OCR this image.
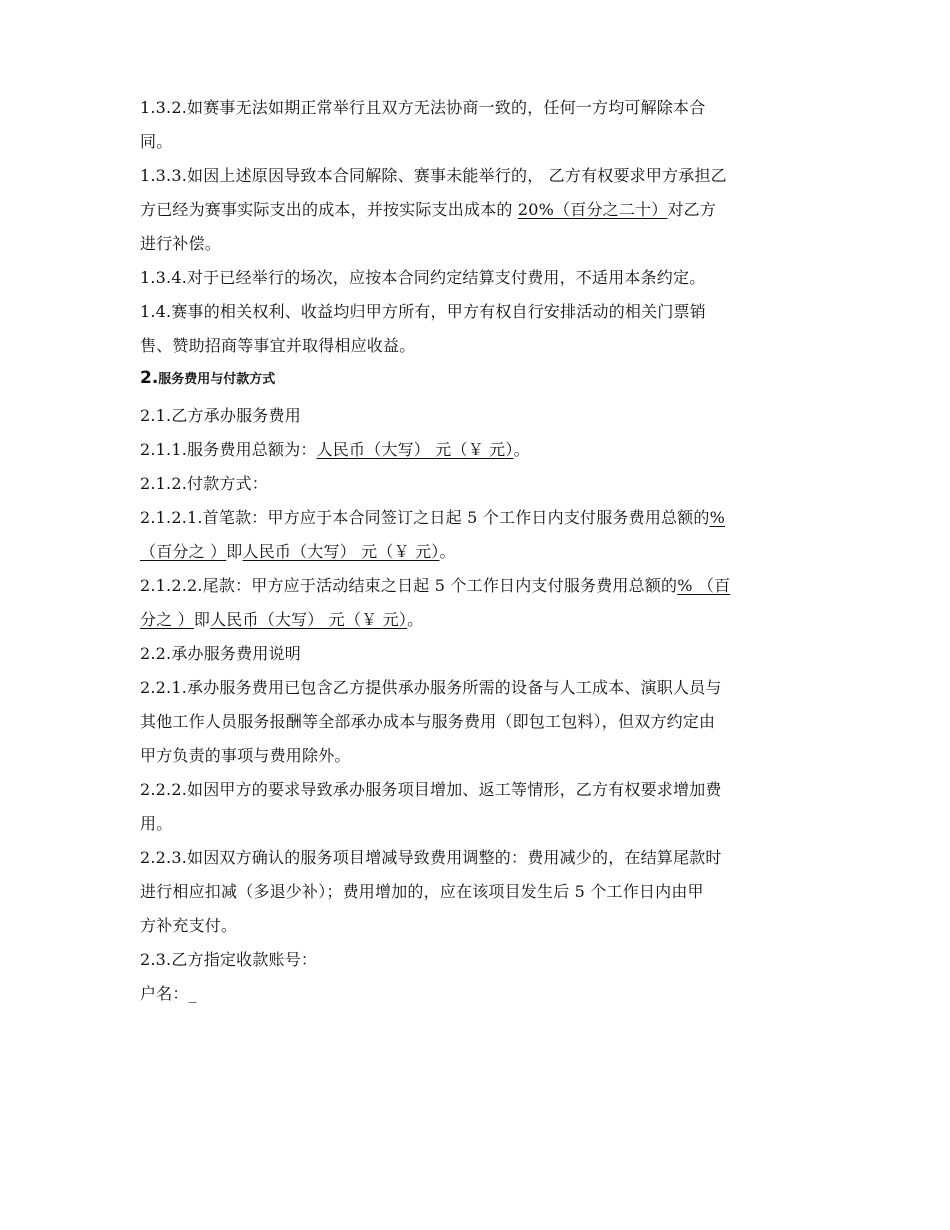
1.3.2.如赛事无法如期正常举行且双方无法协商一致的，任何一方均可解除本合
同。
1.3.3.如因上述原因导致本合同解除、赛事未能举行的， 乙方有权要求甲方承担乙
方已经为赛事实际支出的成本，并按实际支出成本的 20%（百分之二十）对乙方
进行补偿。
1.3.4.对于已经举行的场次，应按本合同约定结算支付费用，不适用本条约定。
1.4.赛事的相关权利、收益均归甲方所有，甲方有权自行安排活动的相关门票销
售、赞助招商等事宜并取得相应收益。
2.服务费用与付款方式
2.1.乙方承办服务费用
2.1.1.服务费用总额为：人民币（大写） 元（￥ 元）。
2.1.2.付款方式：
2.1.2.1.首笔款：甲方应于本合同签订之日起 5 个工作日内支付服务费用总额的%
（百分之 ）即人民币（大写） 元（￥ 元）。
2.1.2.2.尾款：甲方应于活动结束之日起 5 个工作日内支付服务费用总额的% （百
分之 ）即人民币（大写） 元（￥ 元）。
2.2.承办服务费用说明
2.2.1.承办服务费用已包含乙方提供承办服务所需的设备与人工成本、演职人员与
其他工作人员服务报酬等全部承办成本与服务费用（即包工包料），但双方约定由
甲方负责的事项与费用除外。
2.2.2.如因甲方的要求导致承办服务项目增加、返工等情形，乙方有权要求增加费
用。
2.2.3.如因双方确认的服务项目增减导致费用调整的：费用减少的，在结算尾款时
进行相应扣减（多退少补）；费用增加的，应在该项目发生后 5 个工作日内由甲
方补充支付。
2.3.乙方指定收款账号：
户名：_
